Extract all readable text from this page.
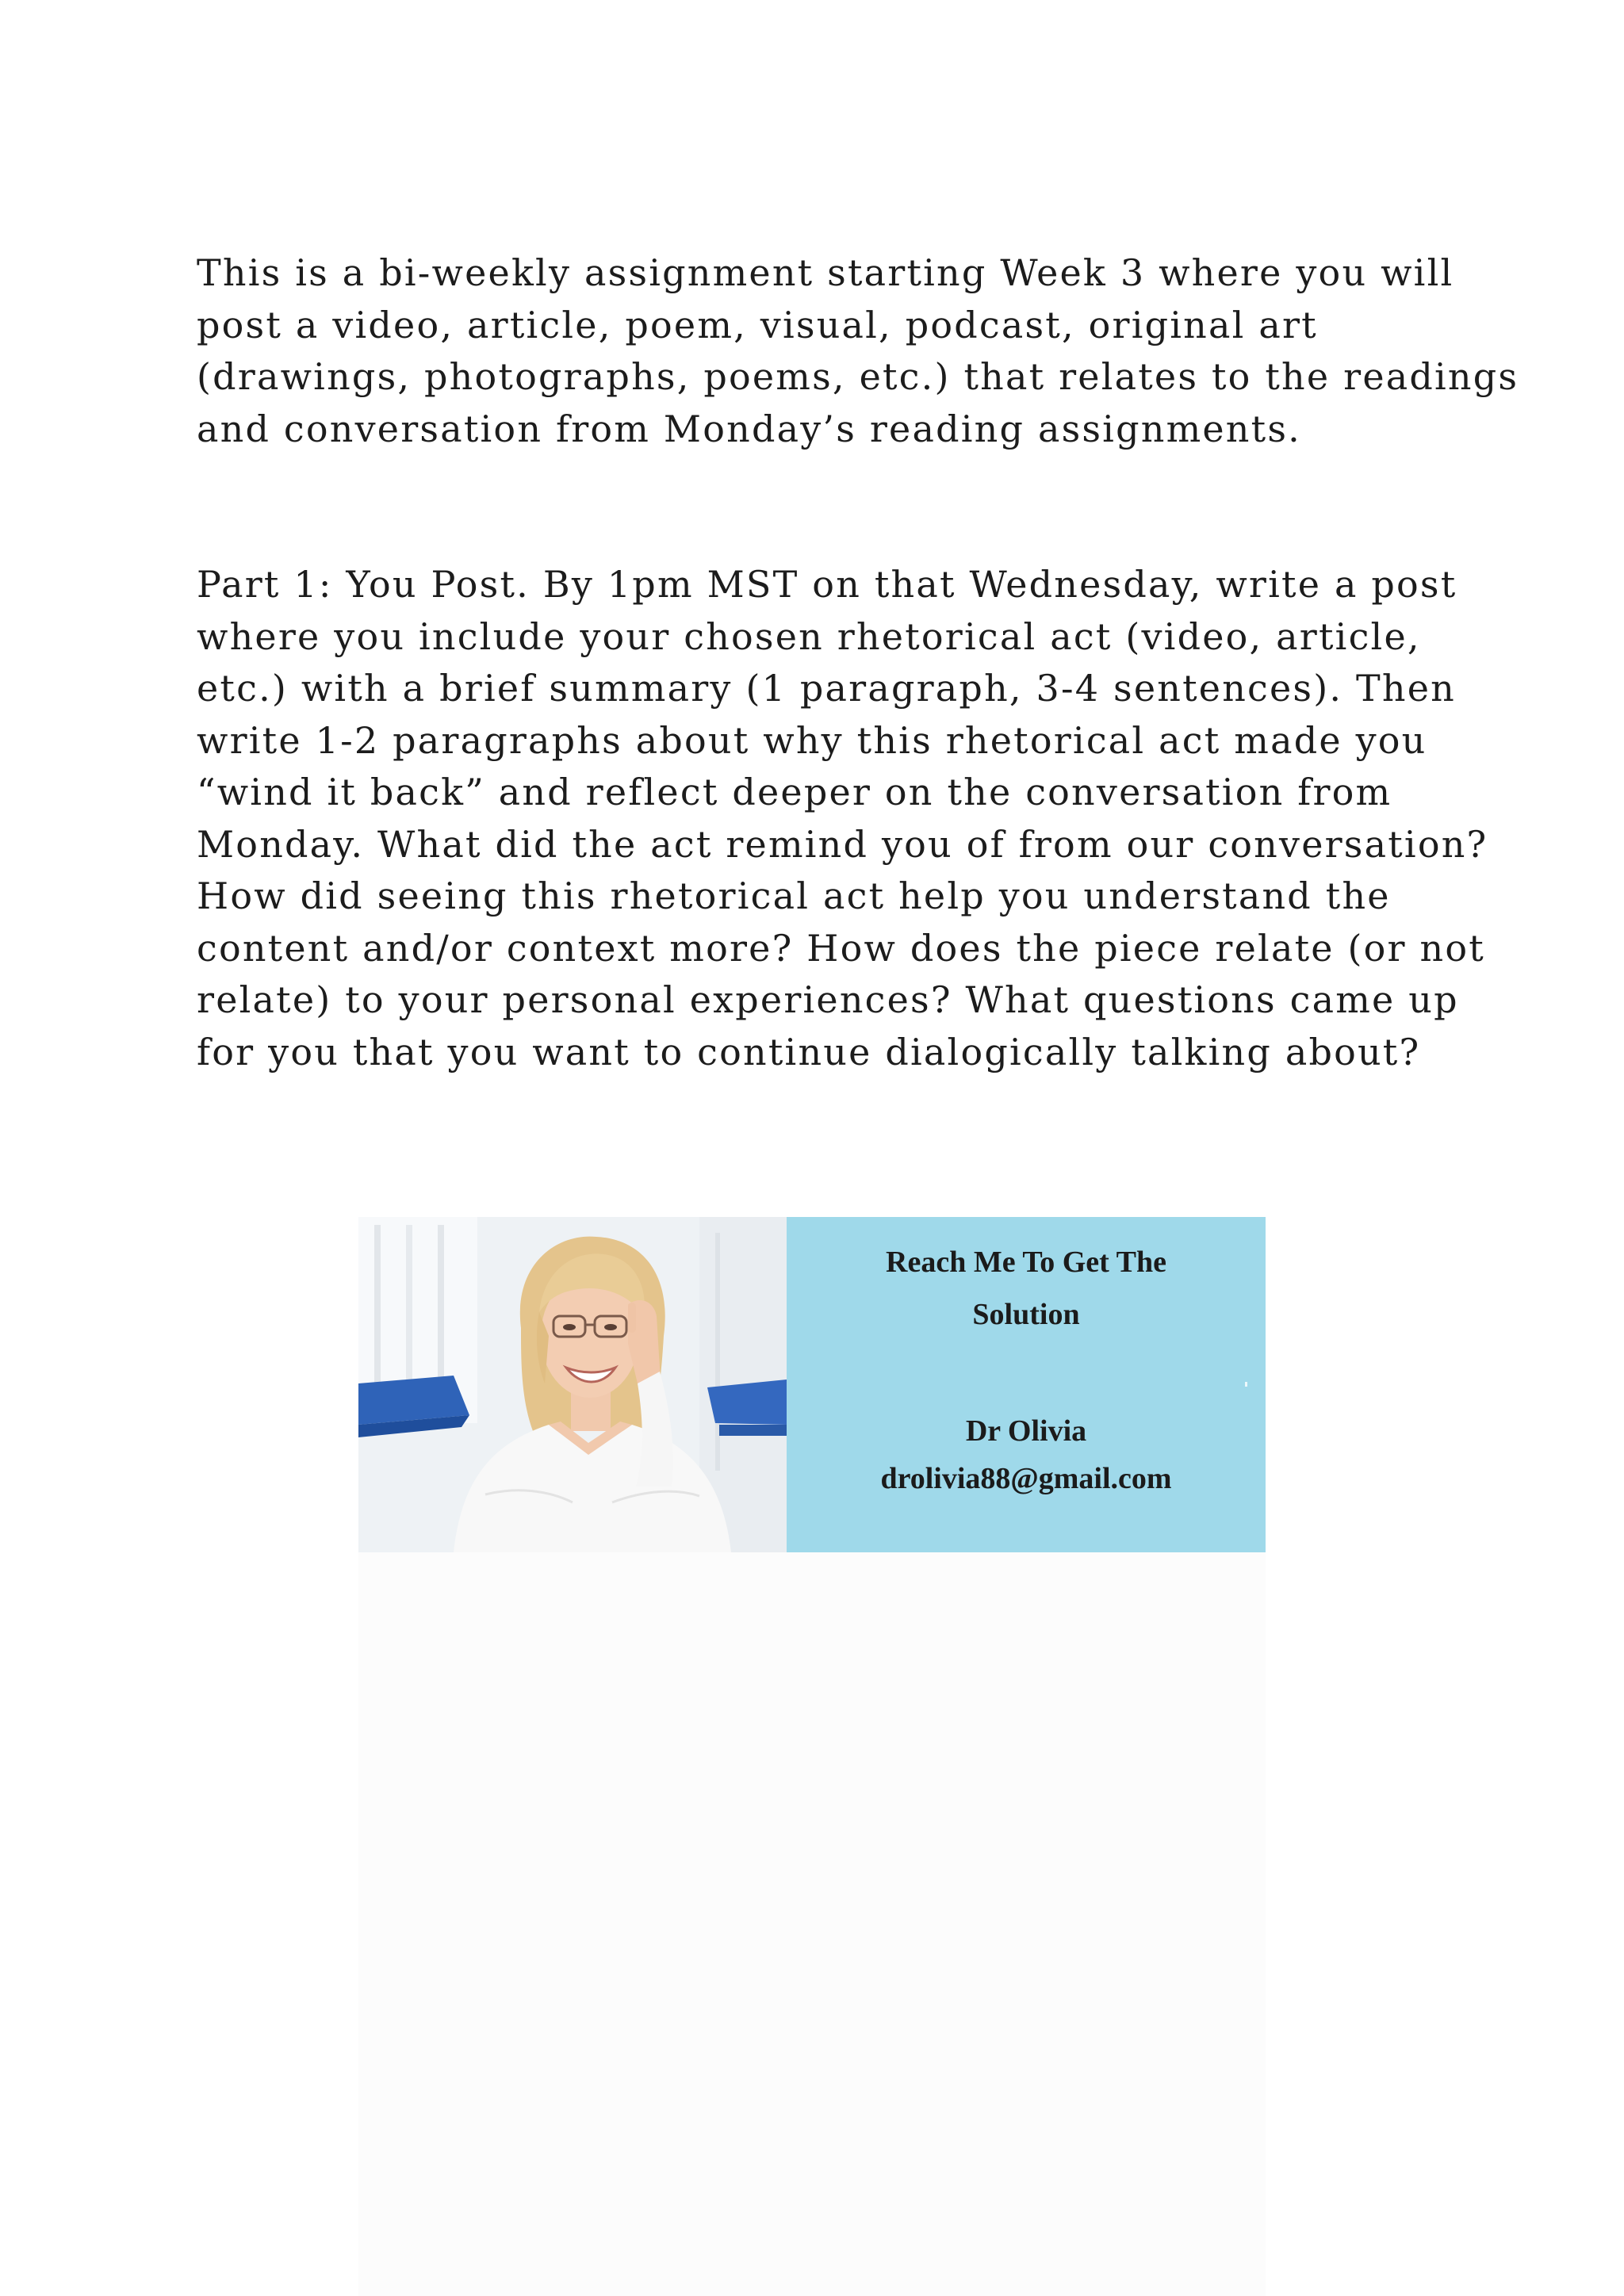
This is a bi-weekly assignment starting Week 3 where you will
post a video, article, poem, visual, podcast, original art
(drawings, photographs, poems, etc.) that relates to the readings
and conversation from Monday’s reading assignments.

Part 1: You Post. By 1pm MST on that Wednesday, write a post
where you include your chosen rhetorical act (video, article,
etc.) with a brief summary (1 paragraph, 3-4 sentences). Then
write 1-2 paragraphs about why this rhetorical act made you
“wind it back” and reflect deeper on the conversation from
Monday. What did the act remind you of from our conversation?
How did seeing this rhetorical act help you understand the
content and/or context more? How does the piece relate (or not
relate) to your personal experiences? What questions came up
for you that you want to continue dialogically talking about?

Reach Me To Get The

Solution

Dr Olivia

drolivia88@gmail.com
